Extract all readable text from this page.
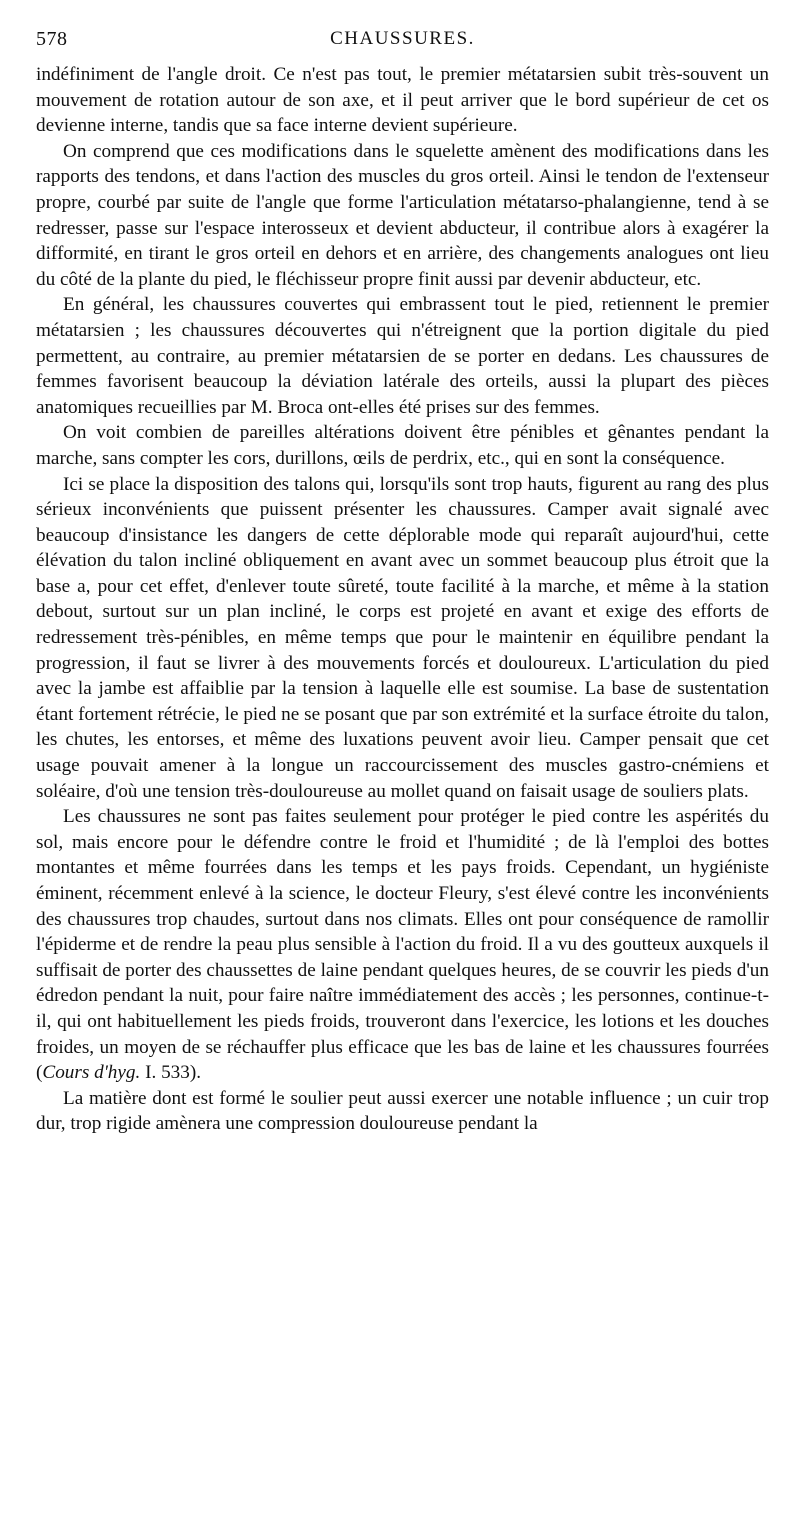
578	CHAUSSURES.

indéfiniment de l'angle droit. Ce n'est pas tout, le premier métatarsien subit très-souvent un mouvement de rotation autour de son axe, et il peut arriver que le bord supérieur de cet os devienne interne, tandis que sa face interne devient supérieure.

On comprend que ces modifications dans le squelette amènent des modifications dans les rapports des tendons, et dans l'action des muscles du gros orteil. Ainsi le tendon de l'extenseur propre, courbé par suite de l'angle que forme l'articulation métatarso-phalangienne, tend à se redresser, passe sur l'espace interosseux et devient abducteur, il contribue alors à exagérer la difformité, en tirant le gros orteil en dehors et en arrière, des changements analogues ont lieu du côté de la plante du pied, le fléchisseur propre finit aussi par devenir abducteur, etc.

En général, les chaussures couvertes qui embrassent tout le pied, retiennent le premier métatarsien ; les chaussures découvertes qui n'étreignent que la portion digitale du pied permettent, au contraire, au premier métatarsien de se porter en dedans. Les chaussures de femmes favorisent beaucoup la déviation latérale des orteils, aussi la plupart des pièces anatomiques recueillies par M. Broca ont-elles été prises sur des femmes.

On voit combien de pareilles altérations doivent être pénibles et gênantes pendant la marche, sans compter les cors, durillons, œils de perdrix, etc., qui en sont la conséquence.

Ici se place la disposition des talons qui, lorsqu'ils sont trop hauts, figurent au rang des plus sérieux inconvénients que puissent présenter les chaussures. Camper avait signalé avec beaucoup d'insistance les dangers de cette déplorable mode qui reparaît aujourd'hui, cette élévation du talon incliné obliquement en avant avec un sommet beaucoup plus étroit que la base a, pour cet effet, d'enlever toute sûreté, toute facilité à la marche, et même à la station debout, surtout sur un plan incliné, le corps est projeté en avant et exige des efforts de redressement très-pénibles, en même temps que pour le maintenir en équilibre pendant la progression, il faut se livrer à des mouvements forcés et douloureux. L'articulation du pied avec la jambe est affaiblie par la tension à laquelle elle est soumise. La base de sustentation étant fortement rétrécie, le pied ne se posant que par son extrémité et la surface étroite du talon, les chutes, les entorses, et même des luxations peuvent avoir lieu. Camper pensait que cet usage pouvait amener à la longue un raccourcissement des muscles gastro-cnémiens et soléaire, d'où une tension très-douloureuse au mollet quand on faisait usage de souliers plats.

Les chaussures ne sont pas faites seulement pour protéger le pied contre les aspérités du sol, mais encore pour le défendre contre le froid et l'humidité ; de là l'emploi des bottes montantes et même fourrées dans les temps et les pays froids. Cependant, un hygiéniste éminent, récemment enlevé à la science, le docteur Fleury, s'est élevé contre les inconvénients des chaussures trop chaudes, surtout dans nos climats. Elles ont pour conséquence de ramollir l'épiderme et de rendre la peau plus sensible à l'action du froid. Il a vu des goutteux auxquels il suffisait de porter des chaussettes de laine pendant quelques heures, de se couvrir les pieds d'un édredon pendant la nuit, pour faire naître immédiatement des accès ; les personnes, continue-t-il, qui ont habituellement les pieds froids, trouveront dans l'exercice, les lotions et les douches froides, un moyen de se réchauffer plus efficace que les bas de laine et les chaussures fourrées (Cours d'hyg. I. 533).

La matière dont est formé le soulier peut aussi exercer une notable influence ; un cuir trop dur, trop rigide amènera une compression douloureuse pendant la
